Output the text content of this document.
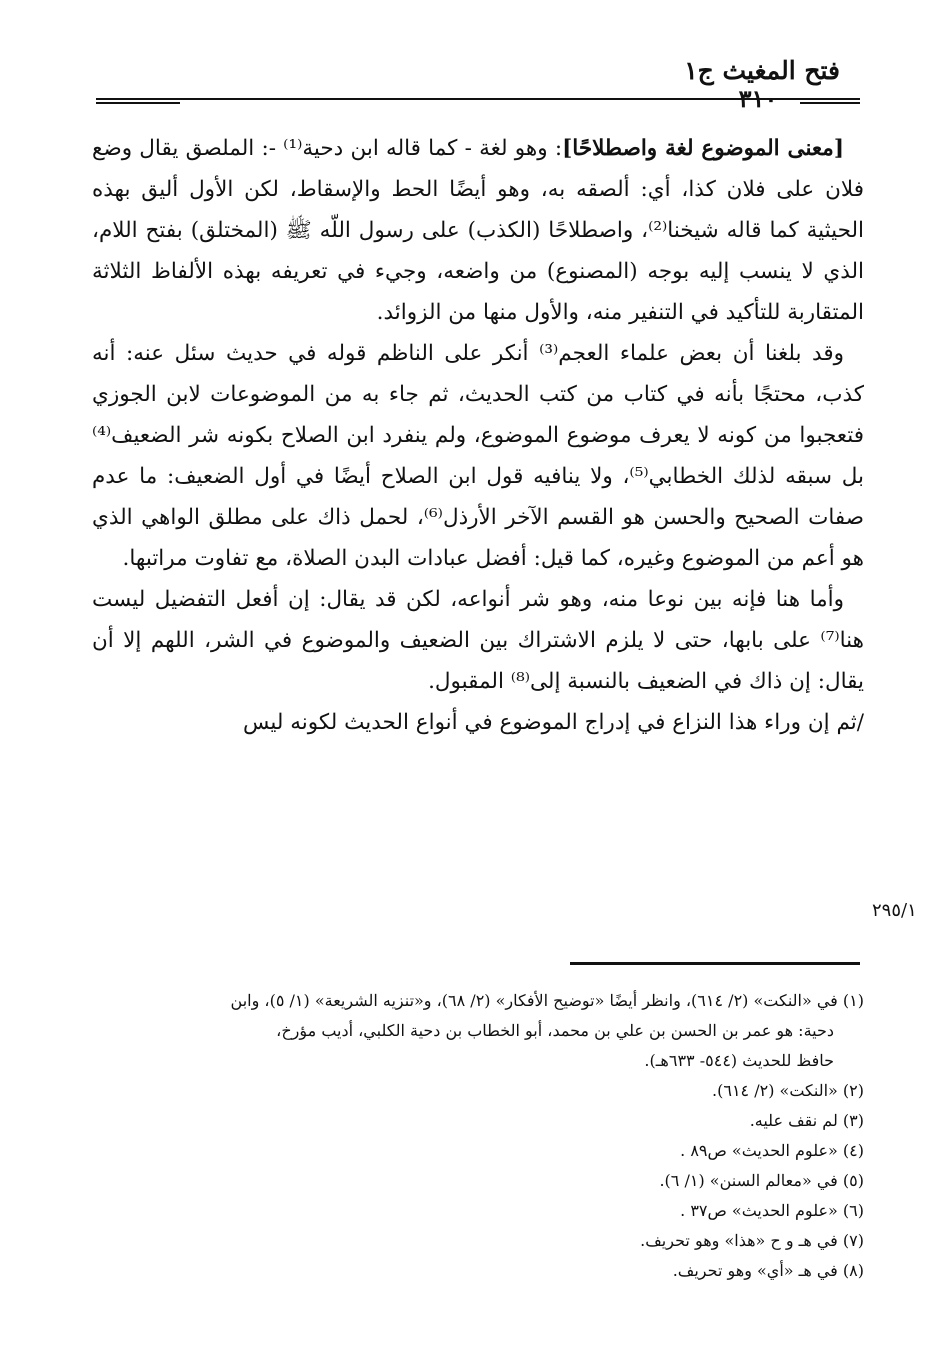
فتح المغيث ج١
٣١٠

[معنى الموضوع لغة واصطلاحًا]: وهو لغة - كما قاله ابن دحية⁽¹⁾ -: الملصق يقال وضع فلان على فلان كذا، أي: ألصقه به، وهو أيضًا الحط والإسقاط، لكن الأول أليق بهذه الحيثية كما قاله شيخنا⁽²⁾، واصطلاحًا (الكذب) على رسول اللّه ﷺ (المختلق) بفتح اللام، الذي لا ينسب إليه بوجه (المصنوع) من واضعه، وجيء في تعريفه بهذه الألفاظ الثلاثة المتقاربة للتأكيد في التنفير منه، والأول منها من الزوائد.

وقد بلغنا أن بعض علماء العجم⁽³⁾ أنكر على الناظم قوله في حديث سئل عنه: أنه كذب، محتجًا بأنه في كتاب من كتب الحديث، ثم جاء به من الموضوعات لابن الجوزي فتعجبوا من كونه لا يعرف موضوع الموضوع، ولم ينفرد ابن الصلاح بكونه شر الضعيف⁽⁴⁾ بل سبقه لذلك الخطابي⁽⁵⁾، ولا ينافيه قول ابن الصلاح أيضًا في أول الضعيف: ما عدم صفات الصحيح والحسن هو القسم الآخر الأرذل⁽⁶⁾، لحمل ذاك على مطلق الواهي الذي هو أعم من الموضوع وغيره، كما قيل: أفضل عبادات البدن الصلاة، مع تفاوت مراتبها.

وأما هنا فإنه بين نوعا منه، وهو شر أنواعه، لكن قد يقال: إن أفعل التفضيل ليست هنا⁽⁷⁾ على بابها، حتى لا يلزم الاشتراك بين الضعيف والموضوع في الشر، اللهم إلا أن يقال: إن ذاك في الضعيف بالنسبة إلى⁽⁸⁾ المقبول.

/ثم إن وراء هذا النزاع في إدراج الموضوع في أنواع الحديث لكونه ليس

٢٩٥/١

(١) في «النكت» (٢/ ٦١٤)، وانظر أيضًا «توضيح الأفكار» (٢/ ٦٨)، و«تنزيه الشريعة» (١/ ٥)، وابن

دحية: هو عمر بن الحسن بن علي بن محمد، أبو الخطاب بن دحية الكلبي، أديب مؤرخ،

حافظ للحديث (٥٤٤- ٦٣٣هـ).

(٢) «النكت» (٢/ ٦١٤).

(٣) لم نقف عليه.

(٤) «علوم الحديث» ص٨٩ .

(٥) في «معالم السنن» (١/ ٦).

(٦) «علوم الحديث» ص٣٧ .

(٧) في هـ و ح «هذا» وهو تحريف.

(٨) في هـ «أي» وهو تحريف.
